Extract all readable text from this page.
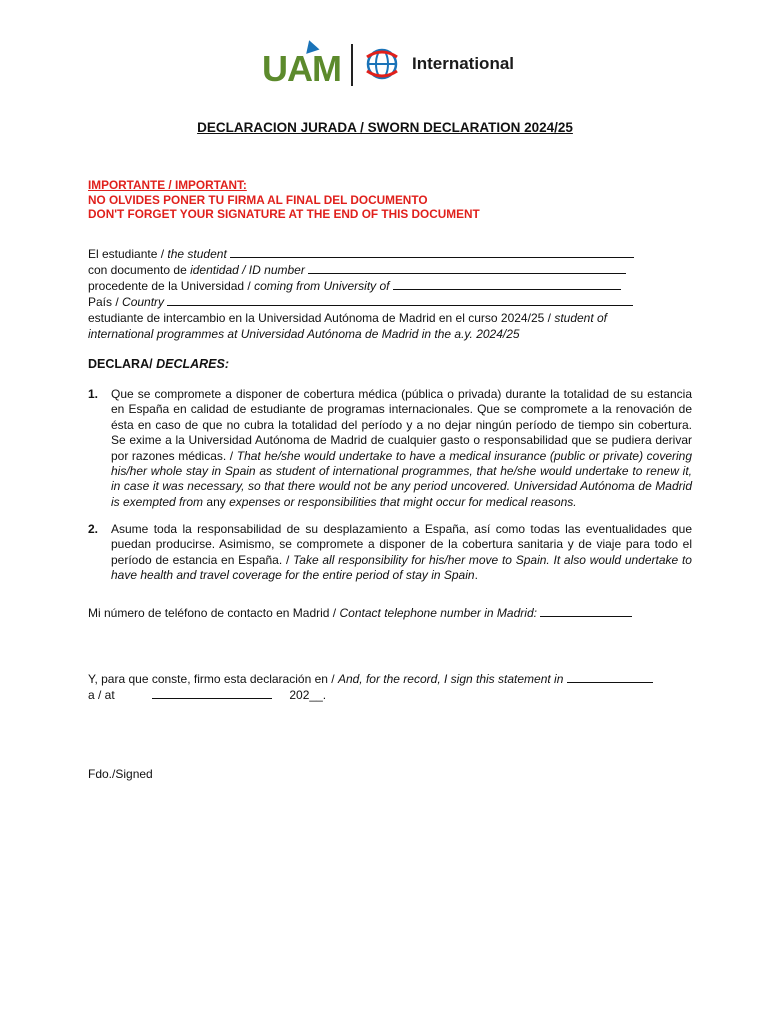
UAM	International
DECLARACION JURADA / SWORN DECLARATION 2024/25
IMPORTANTE / IMPORTANT:
NO OLVIDES PONER TU FIRMA AL FINAL DEL DOCUMENTO
DON'T FORGET YOUR SIGNATURE AT THE END OF THIS DOCUMENT
El estudiante / the student
con documento de identidad / ID number
procedente de la Universidad / coming from University of
País / Country
estudiante de intercambio en la Universidad Autónoma de Madrid en el curso 2024/25 / student of
international programmes at Universidad Autónoma de Madrid in the a.y. 2024/25
DECLARA/ DECLARES:
1. Que se compromete a disponer de cobertura médica (pública o privada) durante la totalidad de su estancia en España en calidad de estudiante de programas internacionales. Que se compromete a la renovación de ésta en caso de que no cubra la totalidad del período y a no dejar ningún período de tiempo sin cobertura. Se exime a la Universidad Autónoma de Madrid de cualquier gasto o responsabilidad que se pudiera derivar por razones médicas. / That he/she would undertake to have a medical insurance (public or private) covering his/her whole stay in Spain as student of international programmes, that he/she would undertake to renew it, in case it was necessary, so that there would not be any period uncovered. Universidad Autónoma de Madrid is exempted from any expenses or responsibilities that might occur for medical reasons.
2. Asume toda la responsabilidad de su desplazamiento a España, así como todas las eventualidades que puedan producirse. Asimismo, se compromete a disponer de la cobertura sanitaria y de viaje para todo el período de estancia en España. / Take all responsibility for his/her move to Spain. It also would undertake to have health and travel coverage for the entire period of stay in Spain.
Mi número de teléfono de contacto en Madrid / Contact telephone number in Madrid:
Y, para que conste, firmo esta declaración en / And, for the record, I sign this statement in
a / at	202__.
Fdo./Signed
